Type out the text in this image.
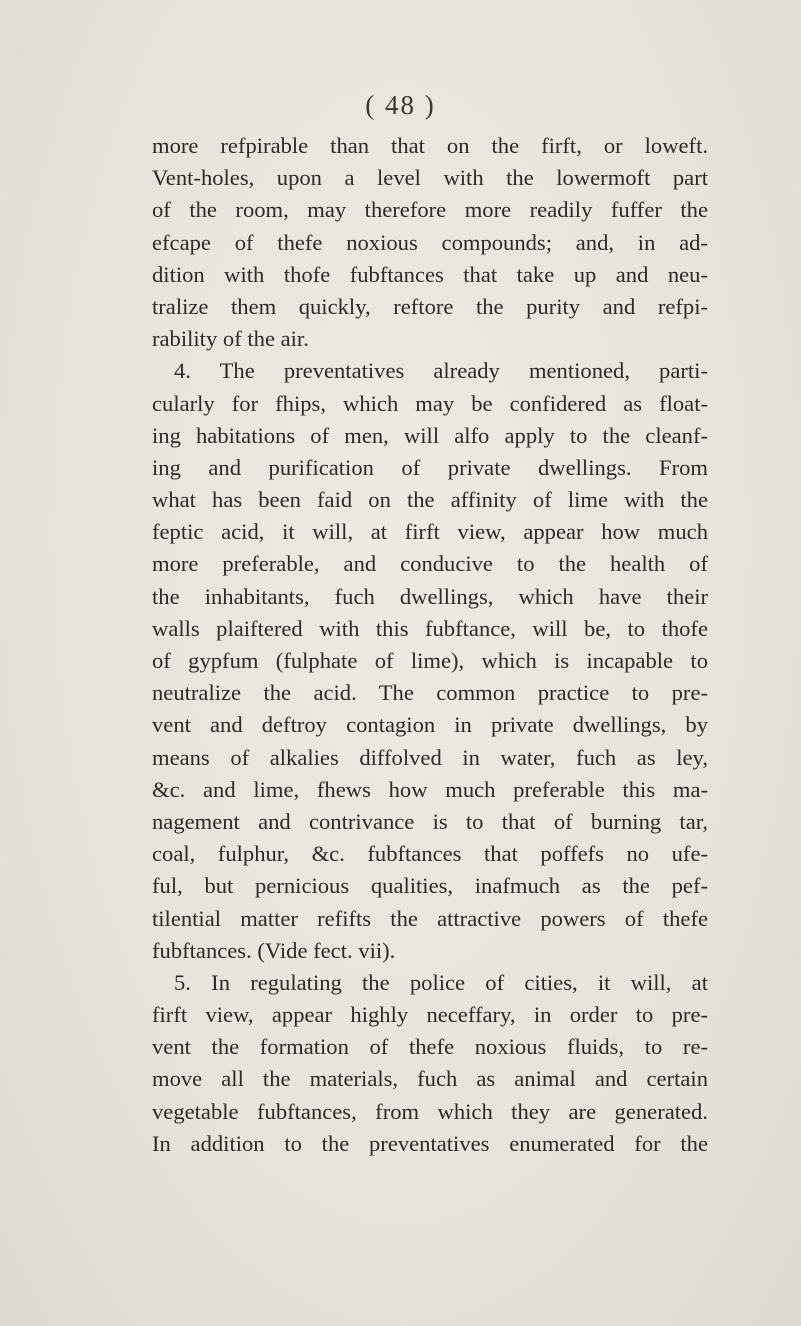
( 48 )
more refpirable than that on the firft, or loweft.
Vent-holes, upon a level with the lowermoft part
of the room, may therefore more readily fuffer the
efcape of thefe noxious compounds; and, in ad-
dition with thofe fubftances that take up and neu-
tralize them quickly, reftore the purity and refpi-
rability of the air.
4. The preventatives already mentioned, parti-
cularly for fhips, which may be confidered as float-
ing habitations of men, will alfo apply to the cleanf-
ing and purification of private dwellings. From
what has been faid on the affinity of lime with the
feptic acid, it will, at firft view, appear how much
more preferable, and conducive to the health of
the inhabitants, fuch dwellings, which have their
walls plaiftered with this fubftance, will be, to thofe
of gypfum (fulphate of lime), which is incapable to
neutralize the acid. The common practice to pre-
vent and deftroy contagion in private dwellings, by
means of alkalies diffolved in water, fuch as ley,
&c. and lime, fhews how much preferable this ma-
nagement and contrivance is to that of burning tar,
coal, fulphur, &c. fubftances that poffefs no ufe-
ful, but pernicious qualities, inafmuch as the pef-
tilential matter refifts the attractive powers of thefe
fubftances. (Vide fect. vii).
5. In regulating the police of cities, it will, at
firft view, appear highly neceffary, in order to pre-
vent the formation of thefe noxious fluids, to re-
move all the materials, fuch as animal and certain
vegetable fubftances, from which they are generated.
In addition to the preventatives enumerated for the
